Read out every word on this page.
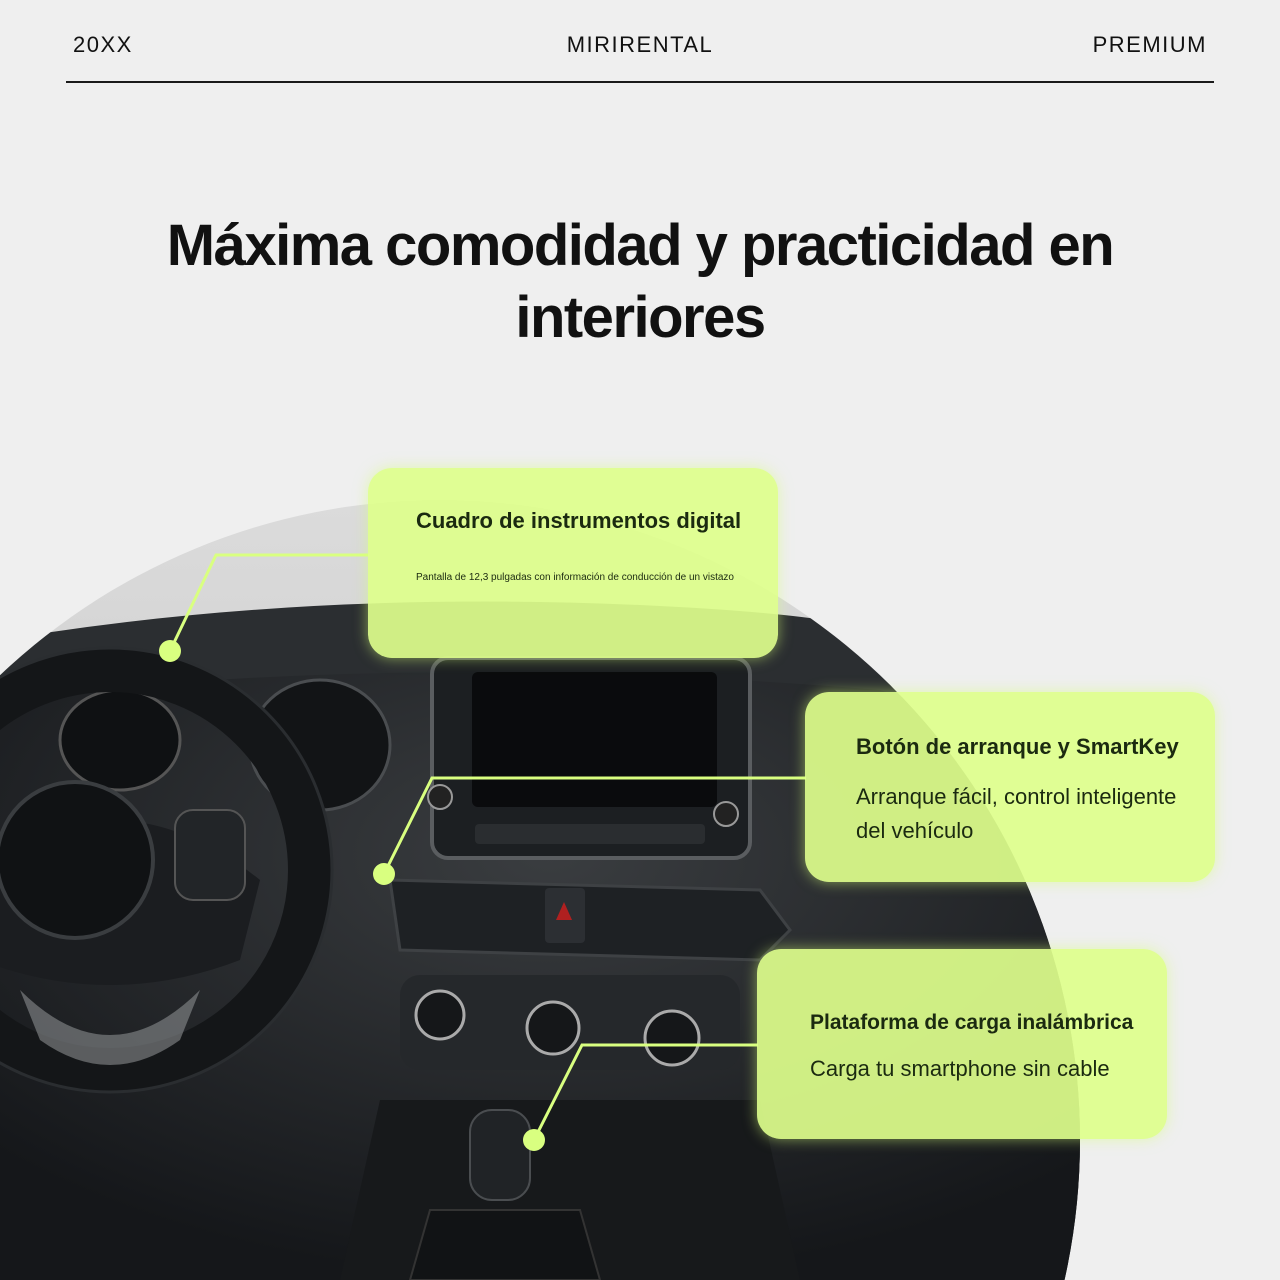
20XX	MIRIRENTAL	PREMIUM
Máxima comodidad y practicidad en interiores
Cuadro de instrumentos digital
Pantalla de 12,3 pulgadas con información de conducción de un vistazo
Botón de arranque y SmartKey
Arranque fácil, control inteligente del vehículo
Plataforma de carga inalámbrica
Carga tu smartphone sin cable
